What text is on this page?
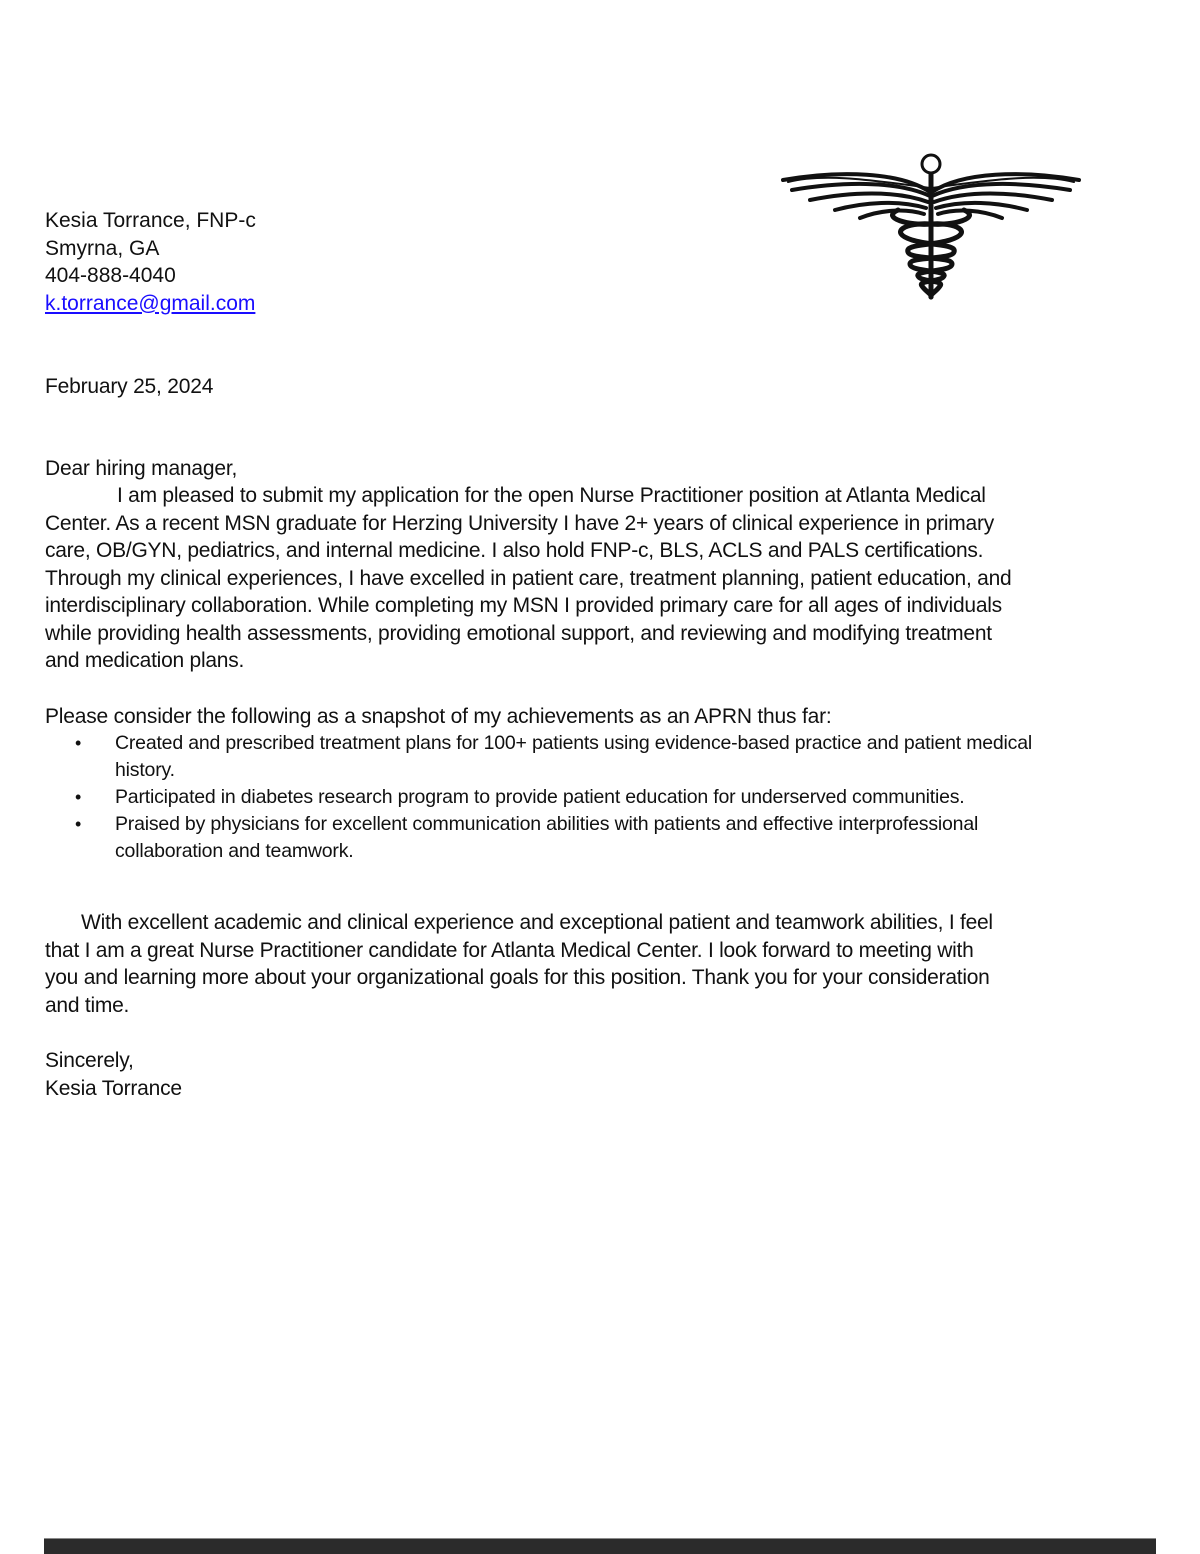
Kesia Torrance, FNP-c
Smyrna, GA
404-888-4040
k.torrance@gmail.com
February 25, 2024
Dear hiring manager,
I am pleased to submit my application for the open Nurse Practitioner position at Atlanta Medical
Center. As a recent MSN graduate for Herzing University I have 2+ years of clinical experience in primary
care, OB/GYN, pediatrics, and internal medicine. I also hold FNP-c, BLS, ACLS and PALS certifications.
Through my clinical experiences, I have excelled in patient care, treatment planning, patient education, and
interdisciplinary collaboration. While completing my MSN I provided primary care for all ages of individuals
while providing health assessments, providing emotional support, and reviewing and modifying treatment
and medication plans.
Please consider the following as a snapshot of my achievements as an APRN thus far:
• Created and prescribed treatment plans for 100+ patients using evidence-based practice and patient medical
history.
• Participated in diabetes research program to provide patient education for underserved communities.
• Praised by physicians for excellent communication abilities with patients and effective interprofessional
collaboration and teamwork.
With excellent academic and clinical experience and exceptional patient and teamwork abilities, I feel
that I am a great Nurse Practitioner candidate for Atlanta Medical Center. I look forward to meeting with
you and learning more about your organizational goals for this position. Thank you for your consideration
and time.
Sincerely,
Kesia Torrance
